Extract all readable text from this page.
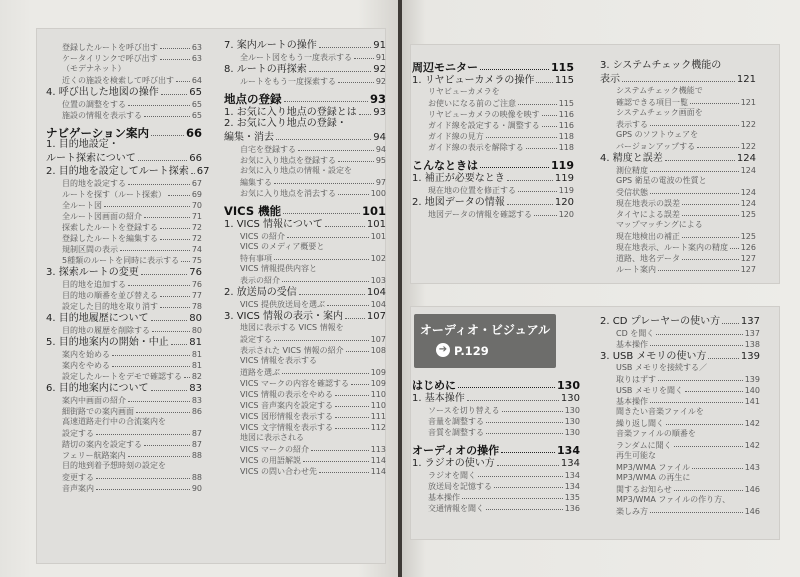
登録したルートを呼び出す	63
ケータイリンクで呼び出す	63
（モデナネット）
近くの施設を検索して呼び出す 64
4. 呼び出した地図の操作	65
位置の調整をする	65
施設の情報を表示する	65
ナビゲーション案内	66
1. 目的地設定・
ルート探索について	66
2. 目的地を設定してルート探索 67
目的地を設定する	67
ルートを探す（ルート探索）	69
全ルート図	70
全ルート図画面の紹介	71
探索したルートを登録する	72
登録したルートを編集する	72
規制区間の表示	74
5種類のルートを同時に表示する 75
3. 探索ルートの変更	76
目的地を追加する	76
目的地の順番を並び替える	77
設定した目的地を取り消す	78
4. 目的地履歴について	80
目的地の履歴を削除する	80
5. 目的地案内の開始・中止 81
案内を始める	81
案内をやめる	81
設定したルートをデモで確認する 82
6. 目的地案内について	83
案内中画面の紹介	83
細街路での案内画面	86
高速道路走行中の合流案内を
設定する	87
踏切の案内を設定する	87
フェリー航路案内	88
目的地到着予想時刻の設定を
変更する	88
音声案内	90
7. 案内ルートの操作	91
全ルート図をもう一度表示する	91
8. ルートの再探索	92
ルートをもう一度探索する	92
地点の登録	93
1. お気に入り地点の登録とは 93
2. お気に入り地点の登録・
編集・消去	94
自宅を登録する	94
お気に入り地点を登録する	95
お気に入り地点の情報・設定を
編集する	97
お気に入り地点を消去する	100
VICS 機能	101
1. VICS 情報について	101
VICS の紹介	101
VICS のメディア概要と
特有事項	102
VICS 情報提供内容と
表示の紹介	103
2. 放送局の受信	104
VICS 提供放送局を選ぶ	104
3. VICS 情報の表示・案内 107
地図に表示する VICS 情報を
設定する	107
表示された VICS 情報の紹介	108
VICS 情報を表示する
道路を選ぶ	109
VICS マークの内容を確認する	109
VICS 情報の表示をやめる	110
VICS 音声案内を設定する	110
VICS 図形情報を表示する	111
VICS 文字情報を表示する	112
地図に表示される
VICS マークの紹介	113
VICS の用語解説	114
VICS の問い合わせ先	114
周辺モニター	115
1. リヤビューカメラの操作 115
リヤビューカメラを
お使いになる前のご注意	115
リヤビューカメラの映像を映す 116
ガイド線を設定する・調整する 116
ガイド線の見方	118
ガイド線の表示を解除する	118
こんなときは	119
1. 補正が必要なとき	119
現在地の位置を修正する	119
2. 地図データの情報	120
地図データの情報を確認する	120
3. システムチェック機能の
表示	121
システムチェック機能で
確認できる項目一覧	121
システムチェック画面を
表示する	122
GPS のソフトウェアを
バージョンアップする	122
4. 精度と誤差	124
測位精度	124
GPS 衛星の電波の性質と
受信状態	124
現在地表示の誤差	124
タイヤによる誤差	125
マップマッチングによる
現在地検出の補正	125
現在地表示、ルート案内の精度 126
道路、地名データ	127
ルート案内	127
オーディオ・ビジュアル
➔ P.129
はじめに	130
1. 基本操作	130
ソースを切り替える	130
音量を調整する	130
音質を調整する	130
オーディオの操作	134
1. ラジオの使い方	134
ラジオを聞く	134
放送局を記憶する	134
基本操作	135
交通情報を聞く	136
2. CD プレーヤーの使い方 137
CD を聞く	137
基本操作	138
3. USB メモリの使い方	139
USB メモリを接続する／
取りはずす	139
USB メモリを聞く	140
基本操作	141
聞きたい音楽ファイルを
繰り返し聞く	142
音楽ファイルの順番を
ランダムに聞く	142
再生可能な
MP3/WMA ファイル	143
MP3/WMA の再生に
関するお知らせ	146
MP3/WMA ファイルの作り方、
楽しみ方	146
